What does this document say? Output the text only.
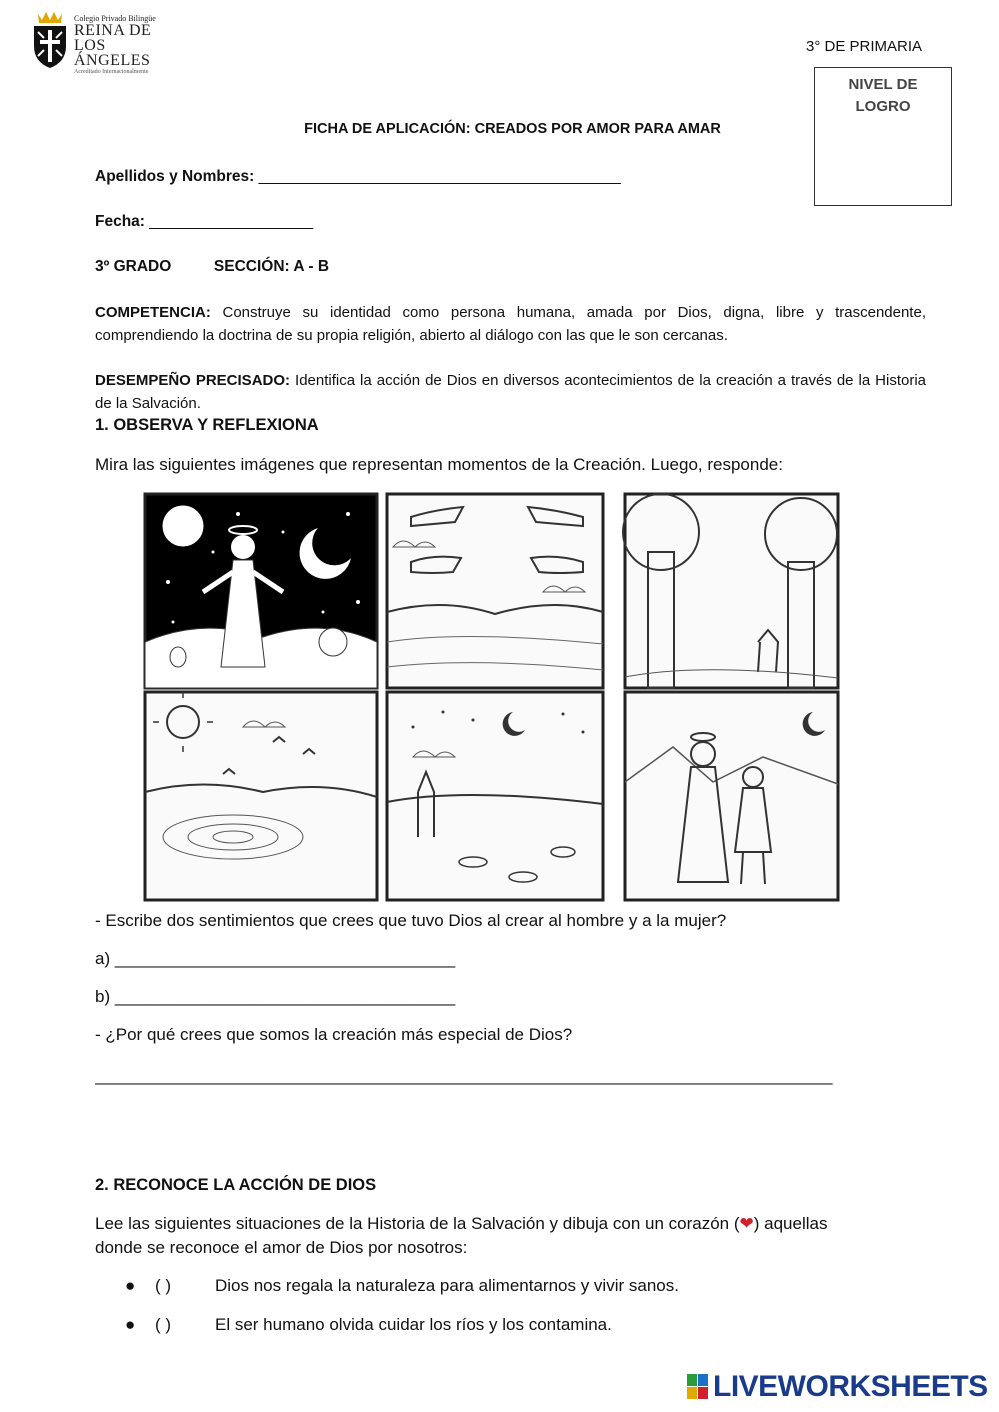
Colegio Privado Bilingüe
REINA DE
LOS ÁNGELES
Acreditado Internacionalmente
3° DE PRIMARIA
NIVEL DE LOGRO
FICHA DE APLICACIÓN: CREADOS POR AMOR PARA AMAR
Apellidos y Nombres: __________________________________________
Fecha: ___________________
3º GRADO	SECCIÓN: A - B
COMPETENCIA: Construye su identidad como persona humana, amada por Dios, digna, libre y trascendente, comprendiendo la doctrina de su propia religión, abierto al diálogo con las que le son cercanas.
DESEMPEÑO PRECISADO: Identifica la acción de Dios en diversos acontecimientos de la creación a través de la Historia de la Salvación.
1. OBSERVA Y REFLEXIONA
Mira las siguientes imágenes que representan momentos de la Creación. Luego, responde:
- Escribe dos sentimientos que crees que tuvo Dios al crear al hombre y a la mujer?
a) ____________________________________
b) ____________________________________
- ¿Por qué crees que somos la creación más especial de Dios?
______________________________________________________________________________
2. RECONOCE LA ACCIÓN DE DIOS
Lee las siguientes situaciones de la Historia de la Salvación y dibuja con un corazón (❤) aquellas
donde se reconoce el amor de Dios por nosotros:
● ( )	Dios nos regala la naturaleza para alimentarnos y vivir sanos.
● ( )	El ser humano olvida cuidar los ríos y los contamina.
LIVEWORKSHEETS
